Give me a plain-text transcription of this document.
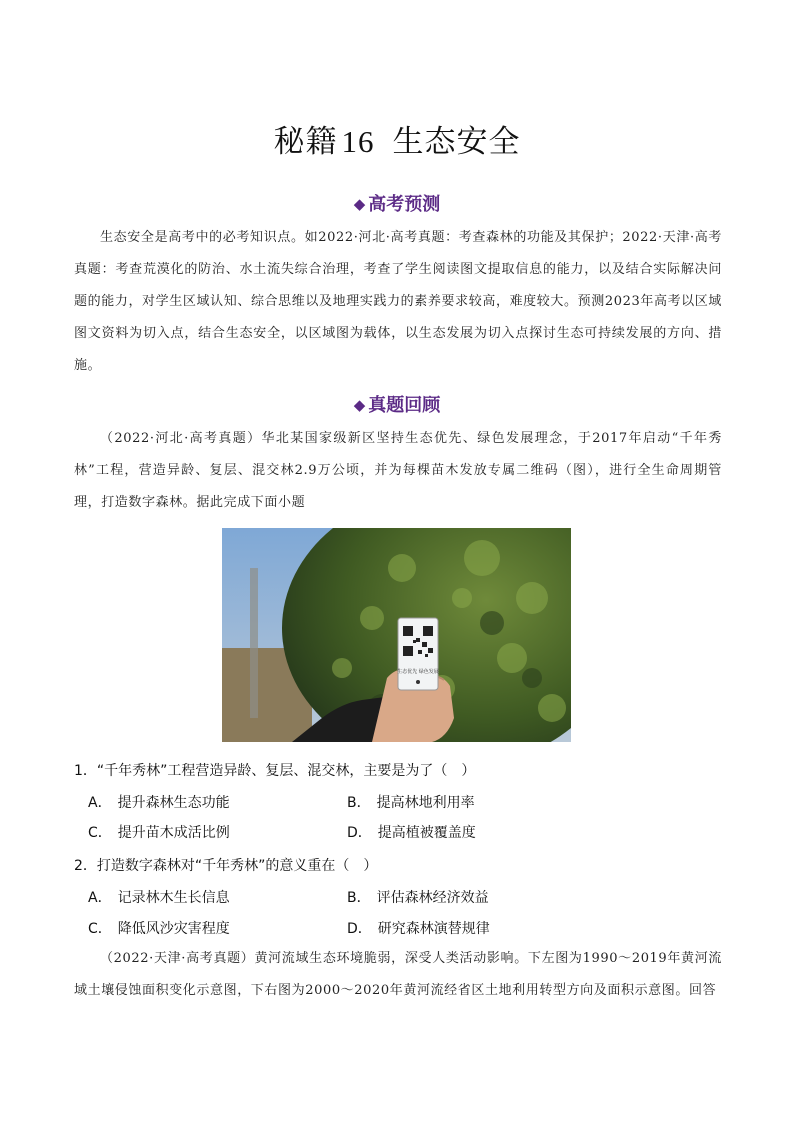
秘籍 16 生态安全
◆ 高考预测
生态安全是高考中的必考知识点。如2022·河北·高考真题：考查森林的功能及其保护；2022·天津·高考真题：考查荒漠化的防治、水土流失综合治理，考查了学生阅读图文提取信息的能力，以及结合实际解决问题的能力，对学生区域认知、综合思维以及地理实践力的素养要求较高，难度较大。预测2023年高考以区域图文资料为切入点，结合生态安全，以区域图为载体，以生态发展为切入点探讨生态可持续发展的方向、措施。
◆ 真题回顾
（2022·河北·高考真题）华北某国家级新区坚持生态优先、绿色发展理念，于2017年启动“千年秀林”工程，营造异龄、复层、混交林2.9万公顷，并为每棵苗木发放专属二维码（图），进行全生命周期管理，打造数字森林。据此完成下面小题
生态优先 绿色发展
1．“千年秀林”工程营造异龄、复层、混交林，主要是为了（　）
A． 提升森林生态功能	B． 提高林地利用率
C． 提升苗木成活比例	D． 提高植被覆盖度
2．打造数字森林对“千年秀林”的意义重在（　）
A． 记录林木生长信息	B． 评估森林经济效益
C． 降低风沙灾害程度	D． 研究森林演替规律
（2022·天津·高考真题）黄河流域生态环境脆弱，深受人类活动影响。下左图为1990～2019年黄河流域土壤侵蚀面积变化示意图，下右图为2000～2020年黄河流经省区土地利用转型方向及面积示意图。回答
